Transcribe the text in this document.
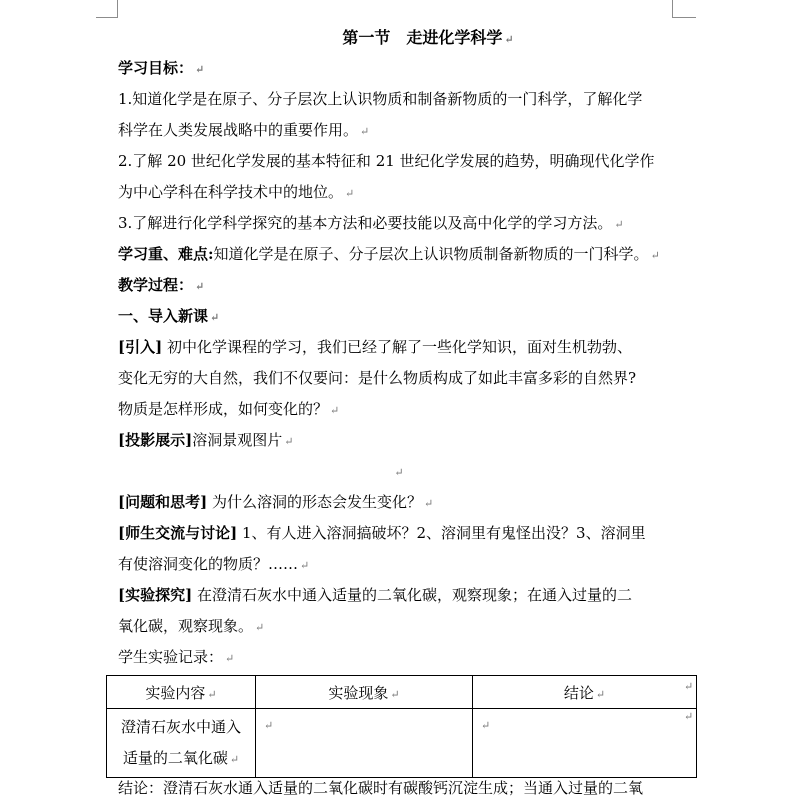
第一节　走进化学科学 ↵
学习目标： ↵
1.知道化学是在原子、分子层次上认识物质和制备新物质的一门科学，了解化学
科学在人类发展战略中的重要作用。 ↵
2.了解 20 世纪化学发展的基本特征和 21 世纪化学发展的趋势，明确现代化学作
为中心学科在科学技术中的地位。 ↵
3.了解进行化学科学探究的基本方法和必要技能以及高中化学的学习方法。 ↵
学习重、难点:知道化学是在原子、分子层次上认识物质制备新物质的一门科学。 ↵
教学过程： ↵
一、导入新课 ↵
[引入] 初中化学课程的学习，我们已经了解了一些化学知识，面对生机勃勃、
变化无穷的大自然，我们不仅要问：是什么物质构成了如此丰富多彩的自然界?
物质是怎样形成，如何变化的？ ↵
[投影展示]溶洞景观图片 ↵
↵
[问题和思考] 为什么溶洞的形态会发生变化？ ↵
[师生交流与讨论] 1、有人进入溶洞搞破坏？2、溶洞里有鬼怪出没？3、溶洞里
有使溶洞变化的物质？…… ↵
[实验探究] 在澄清石灰水中通入适量的二氧化碳，观察现象；在通入过量的二
氧化碳，观察现象。 ↵
学生实验记录： ↵
实验内容 ↵	实验现象 ↵	结论 ↵

澄清石灰水中通入
适量的二氧化碳 ↵	↵	↵
↵
↵
结论：澄清石灰水通入适量的二氧化碳时有碳酸钙沉淀生成；当通入过量的二氧
